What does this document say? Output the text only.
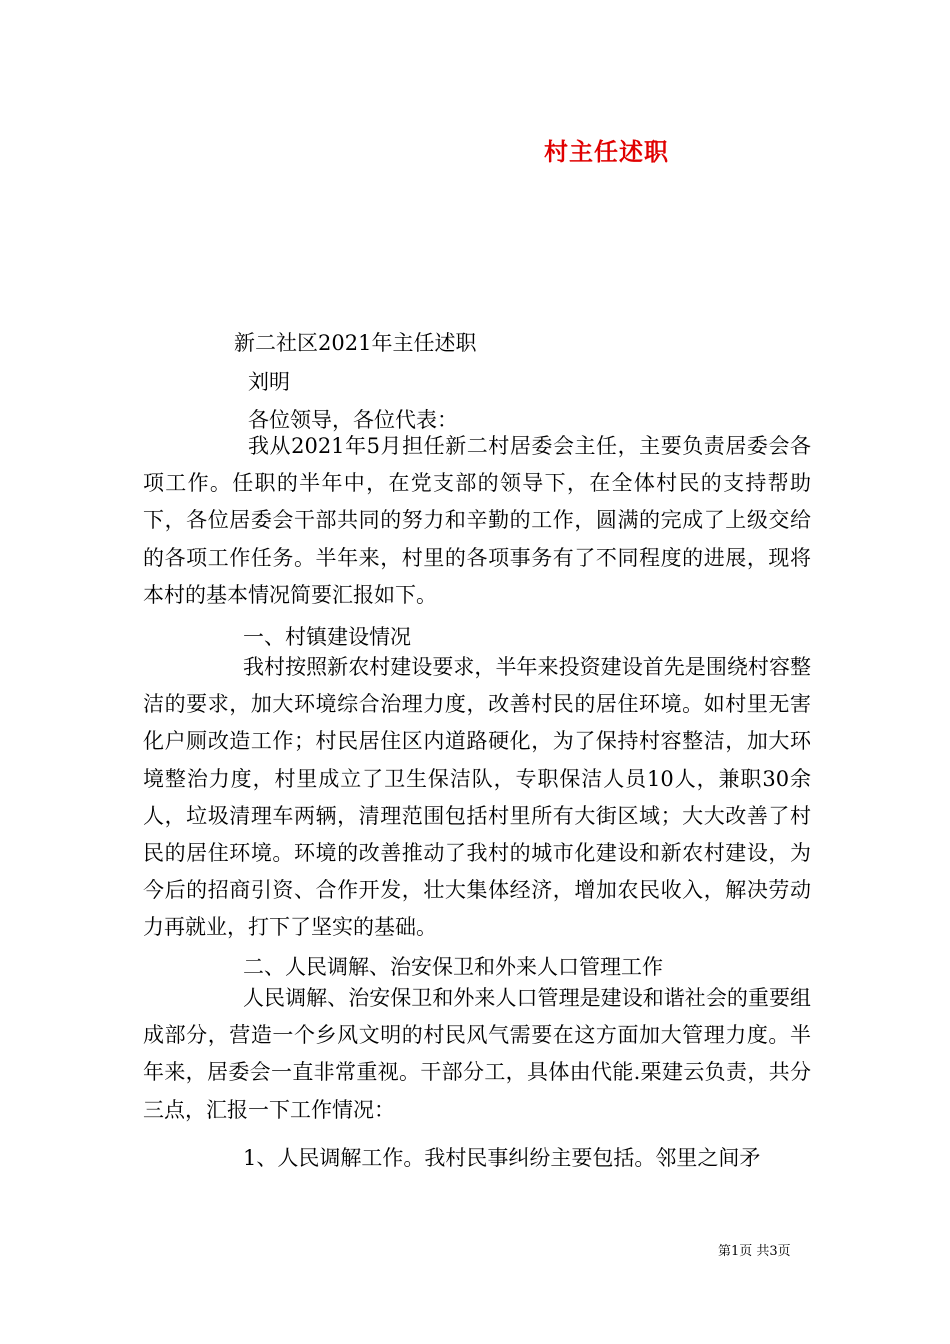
村主任述职
新二社区2021年主任述职
刘明
各位领导，各位代表：

我从2021年5月担任新二村居委会主任，主要负责居委会各项工作。任职的半年中，在党支部的领导下，在全体村民的支持帮助下，各位居委会干部共同的努力和辛勤的工作，圆满的完成了上级交给的各项工作任务。半年来，村里的各项事务有了不同程度的进展，现将本村的基本情况简要汇报如下。

一、村镇建设情况

我村按照新农村建设要求，半年来投资建设首先是围绕村容整洁的要求，加大环境综合治理力度，改善村民的居住环境。如村里无害化户厕改造工作；村民居住区内道路硬化，为了保持村容整洁，加大环境整治力度，村里成立了卫生保洁队，专职保洁人员10人，兼职30余人，垃圾清理车两辆，清理范围包括村里所有大街区域；大大改善了村民的居住环境。环境的改善推动了我村的城市化建设和新农村建设，为今后的招商引资、合作开发，壮大集体经济，增加农民收入，解决劳动力再就业，打下了坚实的基础。

二、人民调解、治安保卫和外来人口管理工作

人民调解、治安保卫和外来人口管理是建设和谐社会的重要组成部分，营造一个乡风文明的村民风气需要在这方面加大管理力度。半年来，居委会一直非常重视。干部分工，具体由代能.栗建云负责，共分三点，汇报一下工作情况：

1、人民调解工作。我村民事纠纷主要包括。邻里之间矛
第1页 共3页
